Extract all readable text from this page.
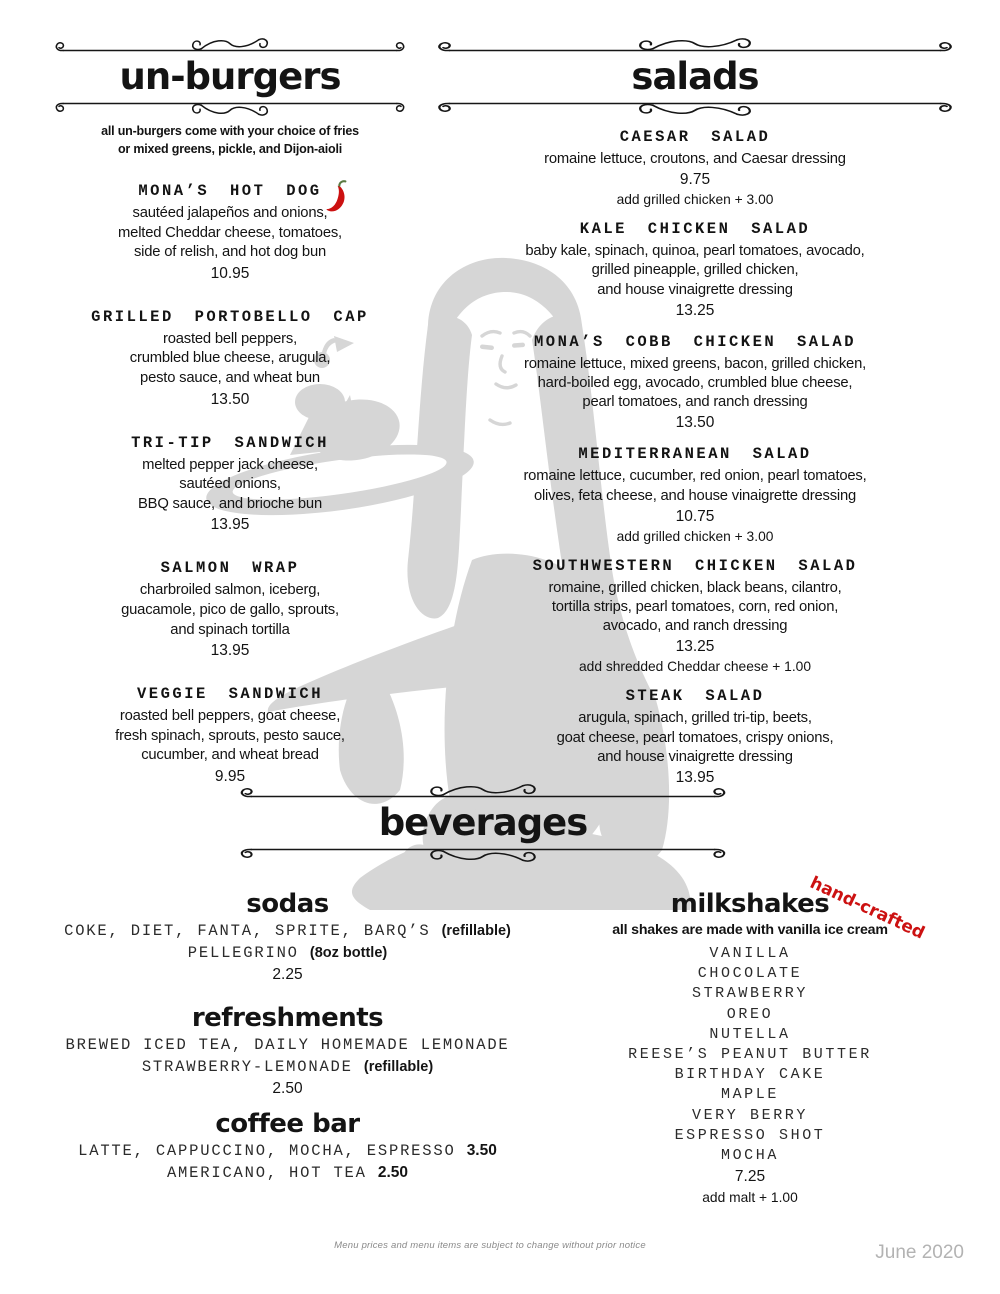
un-burgers
all un-burgers come with your choice of fries
or mixed greens, pickle, and Dijon-aioli
MONA’S HOT DOG
sautéed jalapeños and onions,
melted Cheddar cheese, tomatoes,
side of relish, and hot dog bun
10.95
GRILLED PORTOBELLO CAP
roasted bell peppers,
crumbled blue cheese, arugula,
pesto sauce, and wheat bun
13.50
TRI-TIP SANDWICH
melted pepper jack cheese,
sautéed onions,
BBQ sauce, and brioche bun
13.95
SALMON WRAP
charbroiled salmon, iceberg,
guacamole, pico de gallo, sprouts,
and spinach tortilla
13.95
VEGGIE SANDWICH
roasted bell peppers, goat cheese,
fresh spinach, sprouts, pesto sauce,
cucumber, and wheat bread
9.95
salads
CAESAR SALAD
romaine lettuce, croutons, and Caesar dressing
9.75
add grilled chicken + 3.00
KALE CHICKEN SALAD
baby kale, spinach, quinoa, pearl tomatoes, avocado,
grilled pineapple, grilled chicken,
and house vinaigrette dressing
13.25
MONA’S COBB CHICKEN SALAD
romaine lettuce, mixed greens, bacon, grilled chicken,
hard-boiled egg, avocado, crumbled blue cheese,
pearl tomatoes, and ranch dressing
13.50
MEDITERRANEAN SALAD
romaine lettuce, cucumber, red onion, pearl tomatoes,
olives, feta cheese, and house vinaigrette dressing
10.75
add grilled chicken + 3.00
SOUTHWESTERN CHICKEN SALAD
romaine, grilled chicken, black beans, cilantro,
tortilla strips, pearl tomatoes, corn, red onion,
avocado, and ranch dressing
13.25
add shredded Cheddar cheese + 1.00
STEAK SALAD
arugula, spinach, grilled tri-tip, beets,
goat cheese, pearl tomatoes, crispy onions,
and house vinaigrette dressing
13.95
beverages
sodas
COKE, DIET, FANTA, SPRITE, BARQ’S (refillable)
PELLEGRINO (8oz bottle)
2.25
refreshments
BREWED ICED TEA, DAILY HOMEMADE LEMONADE
STRAWBERRY-LEMONADE (refillable)
2.50
coffee bar
LATTE, CAPPUCCINO, MOCHA, ESPRESSO 3.50
AMERICANO, HOT TEA 2.50
milkshakes
hand-crafted
all shakes are made with vanilla ice cream
VANILLA
CHOCOLATE
STRAWBERRY
OREO
NUTELLA
REESE’S PEANUT BUTTER
BIRTHDAY CAKE
MAPLE
VERY BERRY
ESPRESSO SHOT
MOCHA
7.25
add malt + 1.00
Menu prices and menu items are subject to change without prior notice	June 2020
